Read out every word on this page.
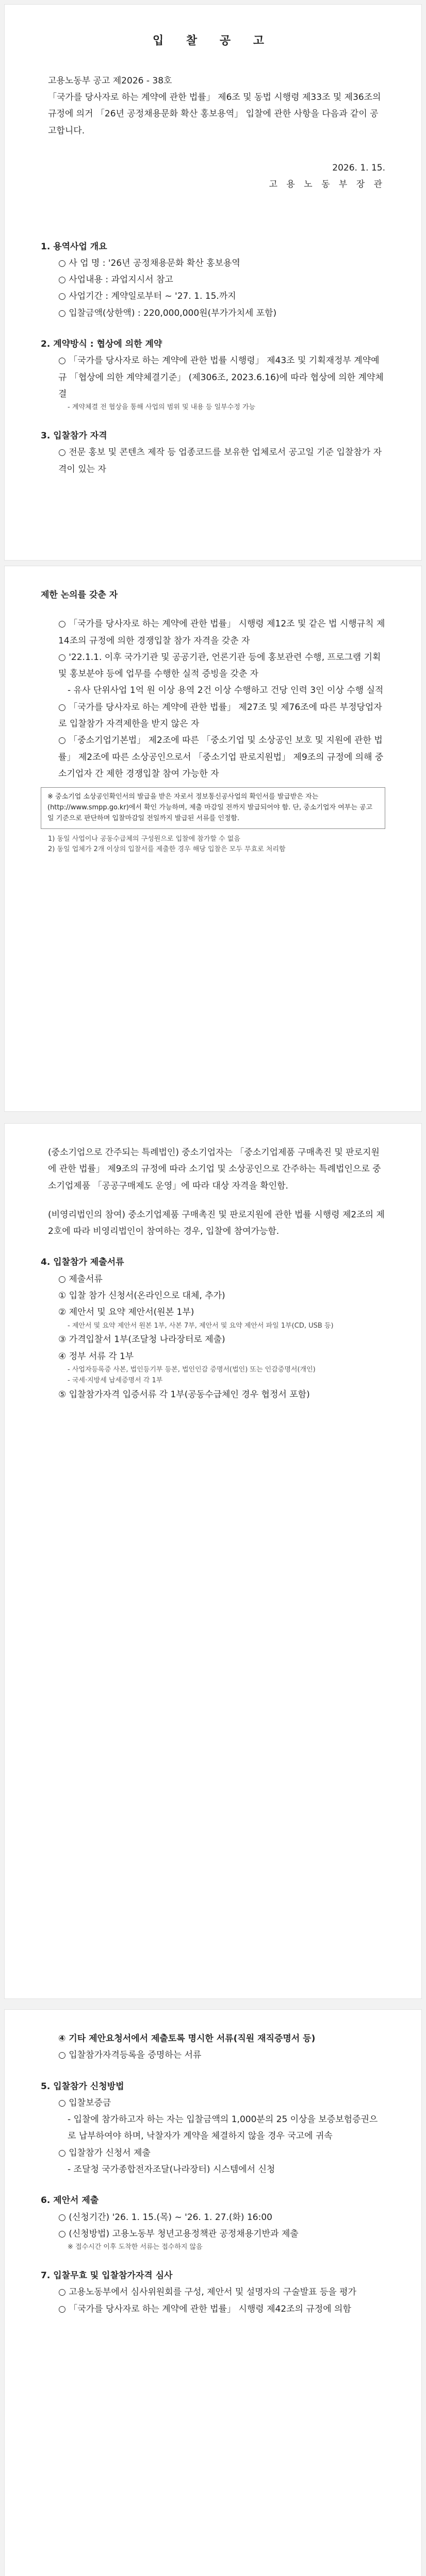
입 찰 공 고
고용노동부 공고 제2026 - 38호
「국가를 당사자로 하는 계약에 관한 법률」 제6조 및 동법 시행령 제33조 및 제36조의 규정에 의거 「26년 공정채용문화 확산 홍보용역」 입찰에 관한 사항을 다음과 같이 공고합니다.
2026. 1. 15.
고 용 노 동 부 장 관
1. 용역사업 개요
○ 사 업 명 : '26년 공정채용문화 확산 홍보용역
○ 사업내용 : 과업지시서 참고
○ 사업기간 : 계약일로부터 ~ '27. 1. 15.까지
○ 입찰금액(상한액) : 220,000,000원(부가가치세 포함)
2. 계약방식 : 협상에 의한 계약
○ 「국가를 당사자로 하는 계약에 관한 법률 시행령」 제43조 및 기획재정부 계약예규 「협상에 의한 계약체결기준」 (제306조, 2023.6.16)에 따라 협상에 의한 계약체결
- 계약체결 전 협상을 통해 사업의 범위 및 내용 등 일부수정 가능
3. 입찰참가 자격
○ 전문 홍보 및 콘텐츠 제작 등 업종코드를 보유한 업체로서 공고일 기준 입찰참가 자격이 있는 자
제한 논의를 갖춘 자
○ 「국가를 당사자로 하는 계약에 관한 법률」 시행령 제12조 및 같은 법 시행규칙 제14조의 규정에 의한 경쟁입찰 참가 자격을 갖춘 자
○ '22.1.1. 이후 국가기관 및 공공기관, 언론기관 등에 홍보관련 수행, 프로그램 기획 및 홍보분야 등에 업무를 수행한 실적 증빙을 갖춘 자
- 유사 단위사업 1억 원 이상 용역 2건 이상 수행하고 건당 인력 3인 이상 수행 실적
○ 「국가를 당사자로 하는 계약에 관한 법률」 제27조 및 제76조에 따른 부정당업자로 입찰참가 자격제한을 받지 않은 자
○ 「중소기업기본법」 제2조에 따른 「중소기업 및 소상공인 보호 및 지원에 관한 법률」 제2조에 따른 소상공인으로서 「중소기업 판로지원법」 제9조의 규정에 의해 중소기업자 간 제한 경쟁입찰 참여 가능한 자
※ 중소기업 소상공인확인서의 발급을 받은 자로서 정보통신공사업의 확인서를 발급받은 자는 (http://www.smpp.go.kr)에서 확인 가능하며, 제출 마감일 전까지 발급되어야 함. 단, 중소기업자 여부는 공고일 기준으로 판단하며 입찰마감일 전일까지 발급된 서류를 인정함.
1) 동일 사업이나 공동수급체의 구성원으로 입찰에 참가할 수 없음
2) 동일 업체가 2개 이상의 입찰서를 제출한 경우 해당 입찰은 모두 무효로 처리함
(중소기업으로 간주되는 특례법인) 중소기업자는 「중소기업제품 구매촉진 및 판로지원에 관한 법률」 제9조의 규정에 따라 소기업 및 소상공인으로 간주하는 특례법인으로 중소기업제품 「공공구매제도 운영」에 따라 대상 자격을 확인함.
(비영리법인의 참여) 중소기업제품 구매촉진 및 판로지원에 관한 법률 시행령 제2조의 제2호에 따라 비영리법인이 참여하는 경우, 입찰에 참여가능함.
4. 입찰참가 제출서류
○ 제출서류
① 입찰 참가 신청서(온라인으로 대체, 추가)
② 제안서 및 요약 제안서(원본 1부)
- 제안서 및 요약 제안서 원본 1부, 사본 7부, 제안서 및 요약 제안서 파일 1부(CD, USB 등)
③ 가격입찰서 1부(조달청 나라장터로 제출)
④ 정부 서류 각 1부
- 사업자등록증 사본, 법인등기부 등본, 법인인감 증명서(법인) 또는 인감증명서(개인)
- 국세·지방세 납세증명서 각 1부
⑤ 입찰참가자격 입증서류 각 1부(공동수급체인 경우 협정서 포함)
④ 기타 제안요청서에서 제출토록 명시한 서류(직원 재직증명서 등)
○ 입찰참가자격등록을 증명하는 서류
5. 입찰참가 신청방법
○ 입찰보증금
- 입찰에 참가하고자 하는 자는 입찰금액의 1,000분의 25 이상을 보증보험증권으로 납부하여야 하며, 낙찰자가 계약을 체결하지 않을 경우 국고에 귀속
○ 입찰참가 신청서 제출
- 조달청 국가종합전자조달(나라장터) 시스템에서 신청
6. 제안서 제출
○ (신청기간) '26. 1. 15.(목) ~ '26. 1. 27.(화) 16:00
○ (신청방법) 고용노동부 청년고용정책관 공정채용기반과 제출
※ 접수시간 이후 도착한 서류는 접수하지 않음
7. 입찰무효 및 입찰참가자격 심사
○ 고용노동부에서 심사위원회를 구성, 제안서 및 설명자의 구술발표 등을 평가
○ 「국가를 당사자로 하는 계약에 관한 법률」 시행령 제42조의 규정에 의함
